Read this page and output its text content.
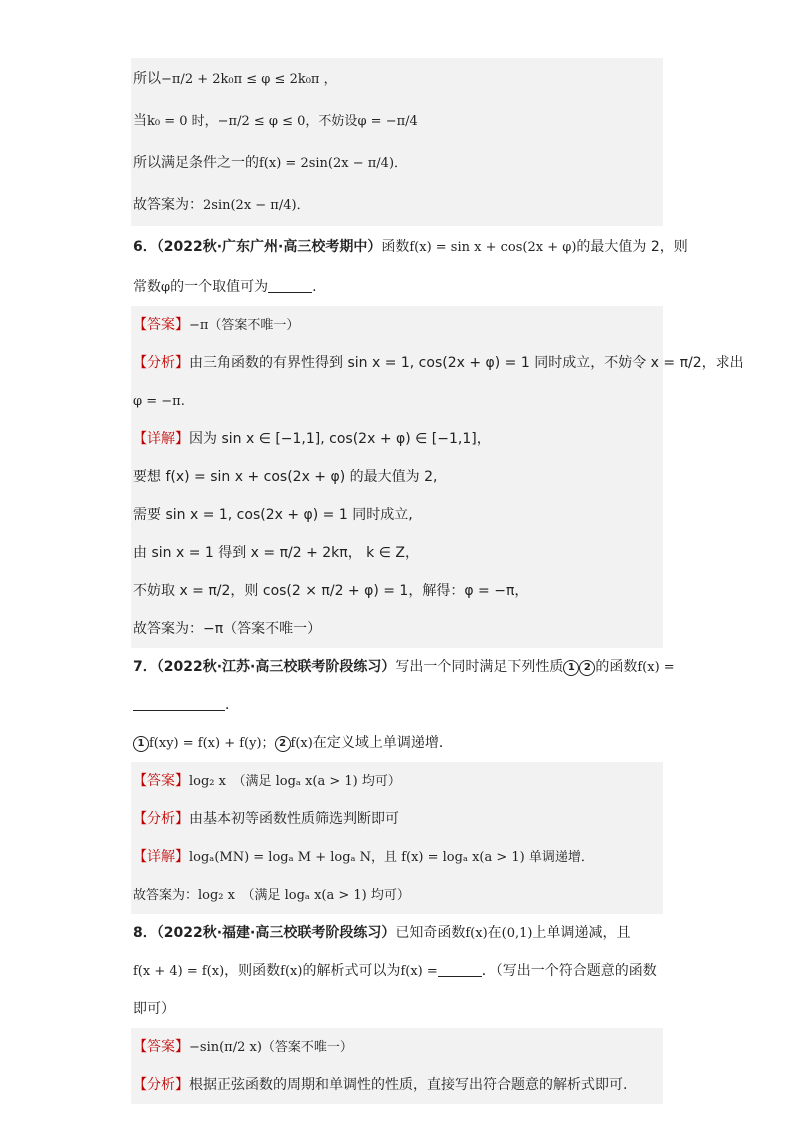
所以−π/2 + 2k₀π ≤ φ ≤ 2k₀π ，
当k₀ = 0 时，−π/2 ≤ φ ≤ 0，不妨设φ = −π/4
所以满足条件之一的f(x) = 2sin(2x − π/4)．
故答案为：2sin(2x − π/4)．
6．（2022秋·广东广州·高三校考期中）函数f(x) = sin x + cos(2x + φ)的最大值为 2，则
常数φ的一个取值可为	.
【答案】−π（答案不唯一）
【分析】由三角函数的有界性得到 sin x = 1, cos(2x + φ) = 1 同时成立，不妨令 x = π/2，求出
φ = −π.
【详解】因为 sin x ∈ [−1,1], cos(2x + φ) ∈ [−1,1]，
要想 f(x) = sin x + cos(2x + φ) 的最大值为 2,
需要 sin x = 1, cos(2x + φ) = 1 同时成立,
由 sin x = 1 得到 x = π/2 + 2kπ， k ∈ Z，
不妨取 x = π/2，则 cos(2 × π/2 + φ) = 1，解得：φ = −π，
故答案为：−π（答案不唯一）
7．（2022秋·江苏·高三校联考阶段练习）写出一个同时满足下列性质 1 2 的函数f(x) =
．
1 f(xy) = f(x) + f(y)； 2 f(x)在定义域上单调递增．
【答案】log₂ x　（满足 logₐ x(a > 1) 均可）
【分析】由基本初等函数性质筛选判断即可
【详解】logₐ(MN) = logₐ M + logₐ N，且 f(x) = logₐ x(a > 1) 单调递增．
故答案为：log₂ x　（满足 logₐ x(a > 1) 均可）
8．（2022秋·福建·高三校联考阶段练习）已知奇函数f(x)在(0,1)上单调递减，且
f(x + 4) = f(x)，则函数f(x)的解析式可以为f(x) =	．（写出一个符合题意的函数
即可）
【答案】−sin(π/2 x)（答案不唯一）
【分析】根据正弦函数的周期和单调性的性质，直接写出符合题意的解析式即可.
